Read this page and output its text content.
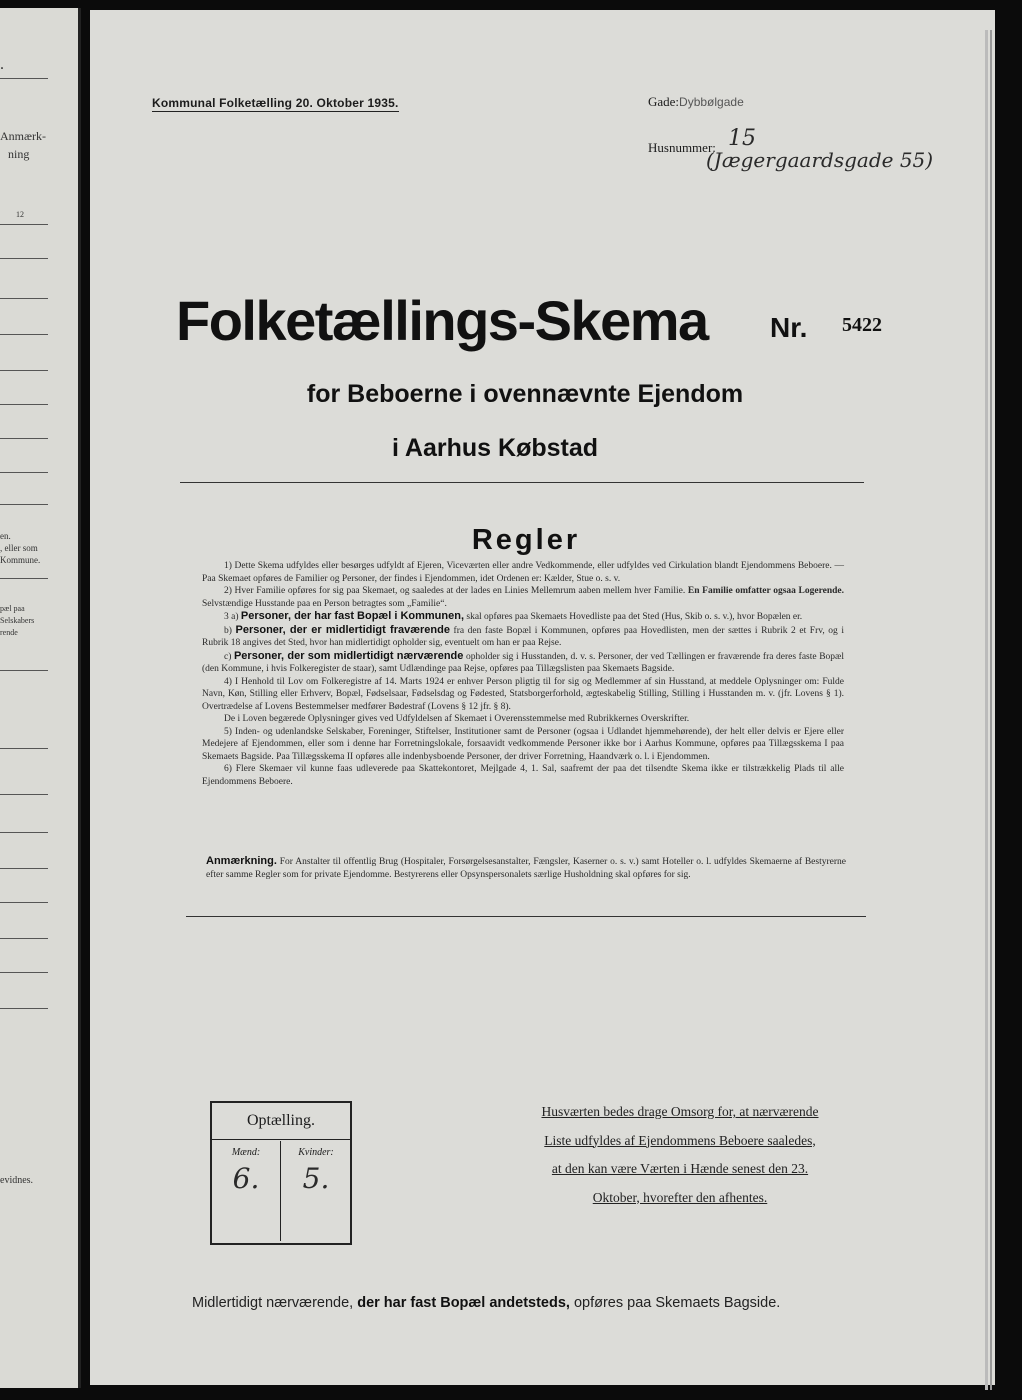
.
Anmærk-
ning
12
en.
, eller som
Kommune.
pæl paa
Selskabers
rende
evidnes.
Kommunal Folketælling 20. Oktober 1935.	Gade:Dybbølgade
Husnummer: 15
(Jægergaardsgade 55)
Folketællings-Skema Nr. 5422
for Beboerne i ovennævnte Ejendom
i Aarhus Købstad
Regler

1) Dette Skema udfyldes eller besørges udfyldt af Ejeren, Viceværten eller andre Vedkommende, eller udfyldes ved Cirkulation blandt Ejendommens Beboere. — Paa Skemaet opføres de Familier og Personer, der findes i Ejendommen, idet Ordenen er: Kælder, Stue o. s. v.

2) Hver Familie opføres for sig paa Skemaet, og saaledes at der lades en Linies Mellemrum aaben mellem hver Familie. En Familie omfatter ogsaa Logerende. Selvstændige Husstande paa en Person betragtes som „Familie“.

3 a) Personer, der har fast Bopæl i Kommunen, skal opføres paa Skemaets Hovedliste paa det Sted (Hus, Skib o. s. v.), hvor Bopælen er.

b) Personer, der er midlertidigt fraværende fra den faste Bopæl i Kommunen, opføres paa Hovedlisten, men der sættes i Rubrik 2 et Frv, og i Rubrik 18 angives det Sted, hvor han midlertidigt opholder sig, eventuelt om han er paa Rejse.

c) Personer, der som midlertidigt nærværende opholder sig i Husstanden, d. v. s. Personer, der ved Tællingen er fraværende fra deres faste Bopæl (den Kommune, i hvis Folkeregister de staar), samt Udlændinge paa Rejse, opføres paa Tillægslisten paa Skemaets Bagside.

4) I Henhold til Lov om Folkeregistre af 14. Marts 1924 er enhver Person pligtig til for sig og Medlemmer af sin Husstand, at meddele Oplysninger om: Fulde Navn, Køn, Stilling eller Erhverv, Bopæl, Fødselsaar, Fødselsdag og Fødested, Statsborgerforhold, ægteskabelig Stilling, Stilling i Husstanden m. v. (jfr. Lovens § 1). Overtrædelse af Lovens Bestemmelser medfører Bødestraf (Lovens § 12 jfr. § 8).

De i Loven begærede Oplysninger gives ved Udfyldelsen af Skemaet i Overensstemmelse med Rubrikkernes Overskrifter.

5) Inden- og udenlandske Selskaber, Foreninger, Stiftelser, Institutioner samt de Personer (ogsaa i Udlandet hjemmehørende), der helt eller delvis er Ejere eller Medejere af Ejendommen, eller som i denne har Forretningslokale, forsaavidt vedkommende Personer ikke bor i Aarhus Kommune, opføres paa Tillægsskema I paa Skemaets Bagside. Paa Tillægsskema II opføres alle indenbysboende Personer, der driver Forretning, Haandværk o. l. i Ejendommen.

6) Flere Skemaer vil kunne faas udleverede paa Skattekontoret, Mejlgade 4, 1. Sal, saafremt der paa det tilsendte Skema ikke er tilstrækkelig Plads til alle Ejendommens Beboere.

Anmærkning. For Anstalter til offentlig Brug (Hospitaler, Forsørgelsesanstalter, Fængsler, Kaserner o. s. v.) samt Hoteller o. l. udfyldes Skemaerne af Bestyrerne efter samme Regler som for private Ejendomme. Bestyrerens eller Opsynspersonalets særlige Husholdning skal opføres for sig.
Optælling.
Mænd:
6.
Kvinder:
5.
Husværten bedes drage Omsorg for, at nærværende
Liste udfyldes af Ejendommens Beboere saaledes,
at den kan være Værten i Hænde senest den 23.
Oktober, hvorefter den afhentes.
Midlertidigt nærværende, der har fast Bopæl andetsteds, opføres paa Skemaets Bagside.
